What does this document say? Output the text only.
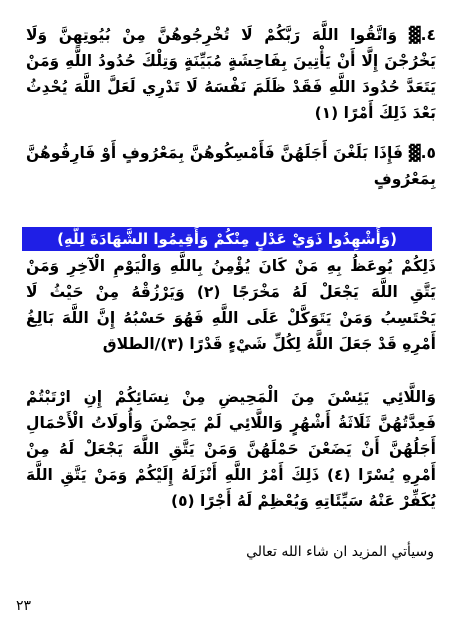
٤.▓ وَاتَّقُوا اللَّهَ رَبَّكُمْ لَا تُخْرِجُوهُنَّ مِنْ بُيُوتِهِنَّ وَلَا يَخْرُجْنَ إِلَّا أَنْ يَأْتِينَ بِفَاحِشَةٍ مُبَيِّنَةٍ وَتِلْكَ حُدُودُ اللَّهِ وَمَنْ يَتَعَدَّ حُدُودَ اللَّهِ فَقَدْ ظَلَمَ نَفْسَهُ لَا تَدْرِي لَعَلَّ اللَّهَ يُحْدِثُ بَعْدَ ذَلِكَ أَمْرًا (١)
٥.▓ فَإِذَا بَلَغْنَ أَجَلَهُنَّ فَأَمْسِكُوهُنَّ بِمَعْرُوفٍ أَوْ فَارِقُوهُنَّ بِمَعْرُوفٍ
(وَأَشْهِدُوا ذَوَيْ عَدْلٍ مِنْكُمْ وَأَقِيمُوا الشَّهَادَةَ لِلَّهِ)
ذَلِكُمْ يُوعَظُ بِهِ مَنْ كَانَ يُؤْمِنُ بِاللَّهِ وَالْيَوْمِ الْآخِرِ وَمَنْ يَتَّقِ اللَّهَ يَجْعَلْ لَهُ مَخْرَجًا (٢) وَيَرْزُقْهُ مِنْ حَيْثُ لَا يَحْتَسِبُ وَمَنْ يَتَوَكَّلْ عَلَى اللَّهِ فَهُوَ حَسْبُهُ إِنَّ اللَّهَ بَالِغُ أَمْرِهِ قَدْ جَعَلَ اللَّهُ لِكُلِّ شَيْءٍ قَدْرًا (٣)/الطلاق
وَاللَّائِي يَئِسْنَ مِنَ الْمَحِيضِ مِنْ نِسَائِكُمْ إِنِ ارْتَبْتُمْ فَعِدَّتُهُنَّ ثَلَاثَةُ أَشْهُرٍ وَاللَّائِي لَمْ يَحِضْنَ وَأُولَاتُ الْأَحْمَالِ أَجَلُهُنَّ أَنْ يَضَعْنَ حَمْلَهُنَّ وَمَنْ يَتَّقِ اللَّهَ يَجْعَلْ لَهُ مِنْ أَمْرِهِ يُسْرًا (٤) ذَلِكَ أَمْرُ اللَّهِ أَنْزَلَهُ إِلَيْكُمْ وَمَنْ يَتَّقِ اللَّهَ يُكَفِّرْ عَنْهُ سَيِّئَاتِهِ وَيُعْظِمْ لَهُ أَجْرًا (٥)
وسيأتي المزيد ان شاء الله تعالي
٢٣
